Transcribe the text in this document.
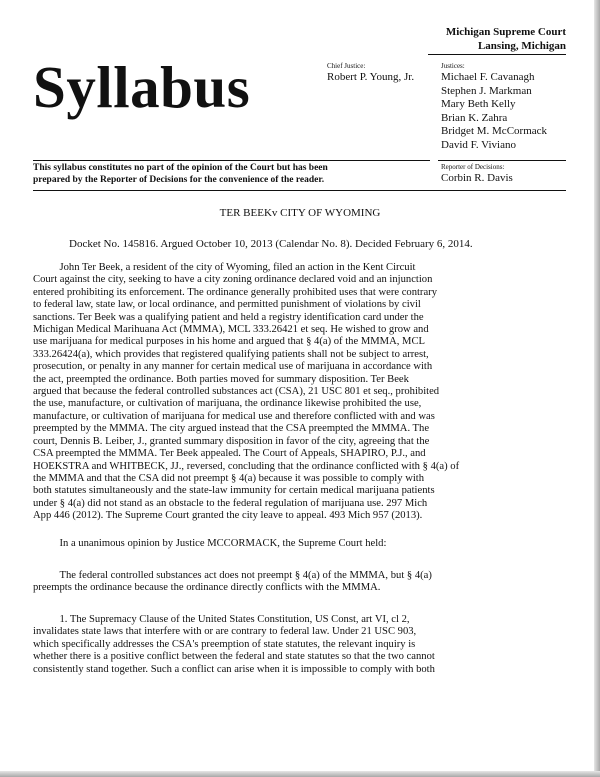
Michigan Supreme Court
Lansing, Michigan
Syllabus	Chief Justice:
Robert P. Young, Jr.
Justices:
Michael F. Cavanagh
Stephen J. Markman
Mary Beth Kelly
Brian K. Zahra
Bridget M. McCormack
David F. Viviano
This syllabus constitutes no part of the opinion of the Court but has been
prepared by the Reporter of Decisions for the convenience of the reader.
Reporter of Decisions:
Corbin R. Davis
TER BEEKv CITY OF WYOMING
Docket No. 145816. Argued October 10, 2013 (Calendar No. 8). Decided February 6, 2014.
John Ter Beek, a resident of the city of Wyoming, filed an action in the Kent Circuit
Court against the city, seeking to have a city zoning ordinance declared void and an injunction
entered prohibiting its enforcement. The ordinance generally prohibited uses that were contrary
to federal law, state law, or local ordinance, and permitted punishment of violations by civil
sanctions. Ter Beek was a qualifying patient and held a registry identification card under the
Michigan Medical Marihuana Act (MMMA), MCL 333.26421 et seq. He wished to grow and
use marijuana for medical purposes in his home and argued that § 4(a) of the MMMA, MCL
333.26424(a), which provides that registered qualifying patients shall not be subject to arrest,
prosecution, or penalty in any manner for certain medical use of marijuana in accordance with
the act, preempted the ordinance. Both parties moved for summary disposition. Ter Beek
argued that because the federal controlled substances act (CSA), 21 USC 801 et seq., prohibited
the use, manufacture, or cultivation of marijuana, the ordinance likewise prohibited the use,
manufacture, or cultivation of marijuana for medical use and therefore conflicted with and was
preempted by the MMMA. The city argued instead that the CSA preempted the MMMA. The
court, Dennis B. Leiber, J., granted summary disposition in favor of the city, agreeing that the
CSA preempted the MMMA. Ter Beek appealed. The Court of Appeals, SHAPIRO, P.J., and
HOEKSTRA and WHITBECK, JJ., reversed, concluding that the ordinance conflicted with § 4(a) of
the MMMA and that the CSA did not preempt § 4(a) because it was possible to comply with
both statutes simultaneously and the state-law immunity for certain medical marijuana patients
under § 4(a) did not stand as an obstacle to the federal regulation of marijuana use. 297 Mich
App 446 (2012). The Supreme Court granted the city leave to appeal. 493 Mich 957 (2013).
In a unanimous opinion by Justice MCCORMACK, the Supreme Court held:
The federal controlled substances act does not preempt § 4(a) of the MMMA, but § 4(a)
preempts the ordinance because the ordinance directly conflicts with the MMMA.
1. The Supremacy Clause of the United States Constitution, US Const, art VI, cl 2,
invalidates state laws that interfere with or are contrary to federal law. Under 21 USC 903,
which specifically addresses the CSA's preemption of state statutes, the relevant inquiry is
whether there is a positive conflict between the federal and state statutes so that the two cannot
consistently stand together. Such a conflict can arise when it is impossible to comply with both
